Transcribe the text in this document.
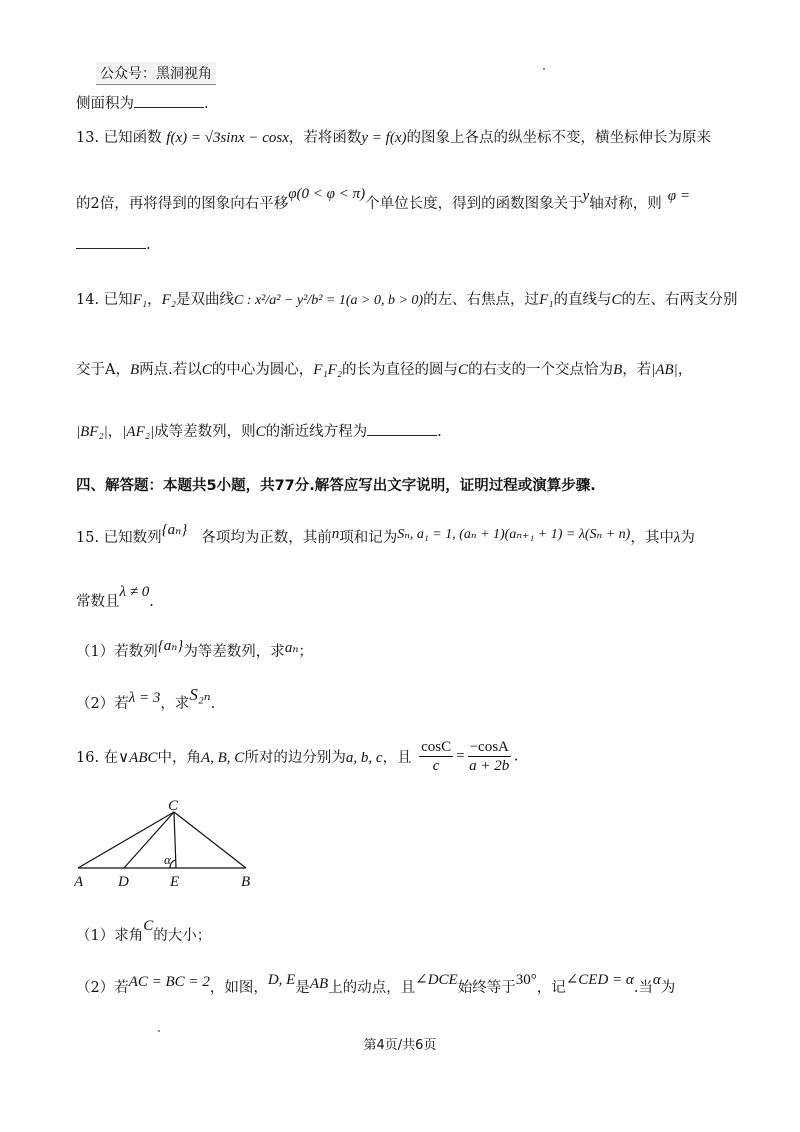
公众号：黑洞视角
侧面积为	.
13. 已知函数 f(x) = √3sinx − cosx，若将函数y = f(x)的图象上各点的纵坐标不变，横坐标伸长为原来
的2倍，再将得到的图象向右平移φ(0 < φ < π)个单位长度，得到的函数图象关于y轴对称，则 φ =
.
14. 已知F₁，F₂是双曲线C : x²/a² − y²/b² = 1(a > 0, b > 0)的左、右焦点，过F₁的直线与C的左、右两支分别
交于A，B两点.若以C的中心为圆心，F₁F₂的长为直径的圆与C的右支的一个交点恰为B，若|AB|，
|BF₂|，|AF₂|成等差数列，则C的渐近线方程为	.
四、解答题：本题共5小题，共77分.解答应写出文字说明，证明过程或演算步骤.
15. 已知数列{aₙ} 各项均为正数，其前n项和记为Sₙ, a₁ = 1, (aₙ + 1)(aₙ₊₁ + 1) = λ(Sₙ + n)，其中λ为
常数且λ ≠ 0.
（1）若数列{aₙ}为等差数列，求aₙ；
（2）若λ = 3，求S₂ₙ.
16. 在∨ABC中，角A, B, C所对的边分别为a, b, c，且 $\frac{\cos C}{c} = \frac{-\cos A}{a + 2b}$ .
C
A D	E	B
α
（1）求角C的大小；
（2）若AC = BC = 2，如图，D, E是AB上的动点，且∠DCE始终等于30°，记∠CED = α.当α为
第4页/共6页
